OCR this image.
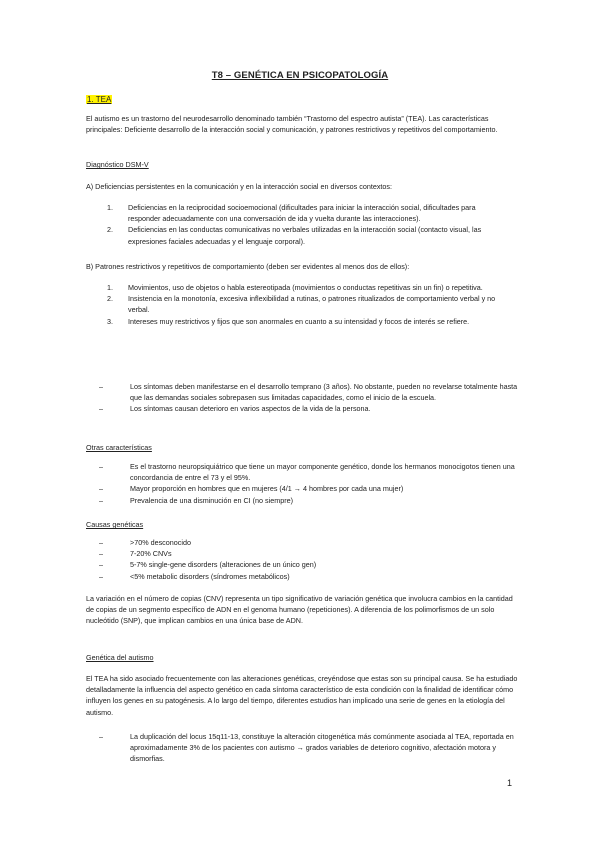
T8 – GENÉTICA EN PSICOPATOLOGÍA
1. TEA
El autismo es un trastorno del neurodesarrollo denominado también “Trastorno del espectro autista” (TEA). Las características principales: Deficiente desarrollo de la interacción social y comunicación, y patrones restrictivos y repetitivos del comportamiento.
Diagnóstico DSM-V
A) Deficiencias persistentes en la comunicación y en la interacción social en diversos contextos:
1.	Deficiencias en la reciprocidad socioemocional (dificultades para iniciar la interacción social, dificultades para responder adecuadamente con una conversación de ida y vuelta durante las interacciones).
2.	Deficiencias en las conductas comunicativas no verbales utilizadas en la interacción social (contacto visual, las expresiones faciales adecuadas y el lenguaje corporal).
B) Patrones restrictivos y repetitivos de comportamiento (deben ser evidentes al menos dos de ellos):
1.	Movimientos, uso de objetos o habla estereotipada (movimientos o conductas repetitivas sin un fin) o repetitiva.
2.	Insistencia en la monotonía, excesiva inflexibilidad a rutinas, o patrones ritualizados de comportamiento verbal y no verbal.
3.	Intereses muy restrictivos y fijos que son anormales en cuanto a su intensidad y focos de interés se refiere.
–	Los síntomas deben manifestarse en el desarrollo temprano (3 años). No obstante, pueden no revelarse totalmente hasta que las demandas sociales sobrepasen sus limitadas capacidades, como el inicio de la escuela.
–	Los síntomas causan deterioro en varios aspectos de la vida de la persona.
Otras características
–	Es el trastorno neuropsiquiátrico que tiene un mayor componente genético, donde los hermanos monocigotos tienen una concordancia de entre el 73 y el 95%.
–	Mayor proporción en hombres que en mujeres (4/1 → 4 hombres por cada una mujer)
–	Prevalencia de una disminución en CI (no siempre)
Causas genéticas
–	>70% desconocido
–	7-20% CNVs
–	5-7% single-gene disorders (alteraciones de un único gen)
–	<5% metabolic disorders (síndromes metabólicos)
La variación en el número de copias (CNV) representa un tipo significativo de variación genética que involucra cambios en la cantidad de copias de un segmento específico de ADN en el genoma humano (repeticiones). A diferencia de los polimorfismos de un solo nucleótido (SNP), que implican cambios en una única base de ADN.
Genética del autismo
El TEA ha sido asociado frecuentemente con las alteraciones genéticas, creyéndose que estas son su principal causa. Se ha estudiado detalladamente la influencia del aspecto genético en cada síntoma característico de esta condición con la finalidad de identificar cómo influyen los genes en su patogénesis. A lo largo del tiempo, diferentes estudios han implicado una serie de genes en la etiología del autismo.
–	La duplicación del locus 15q11-13, constituye la alteración citogenética más comúnmente asociada al TEA, reportada en aproximadamente 3% de los pacientes con autismo → grados variables de deterioro cognitivo, afectación motora y dismorfias.
1
